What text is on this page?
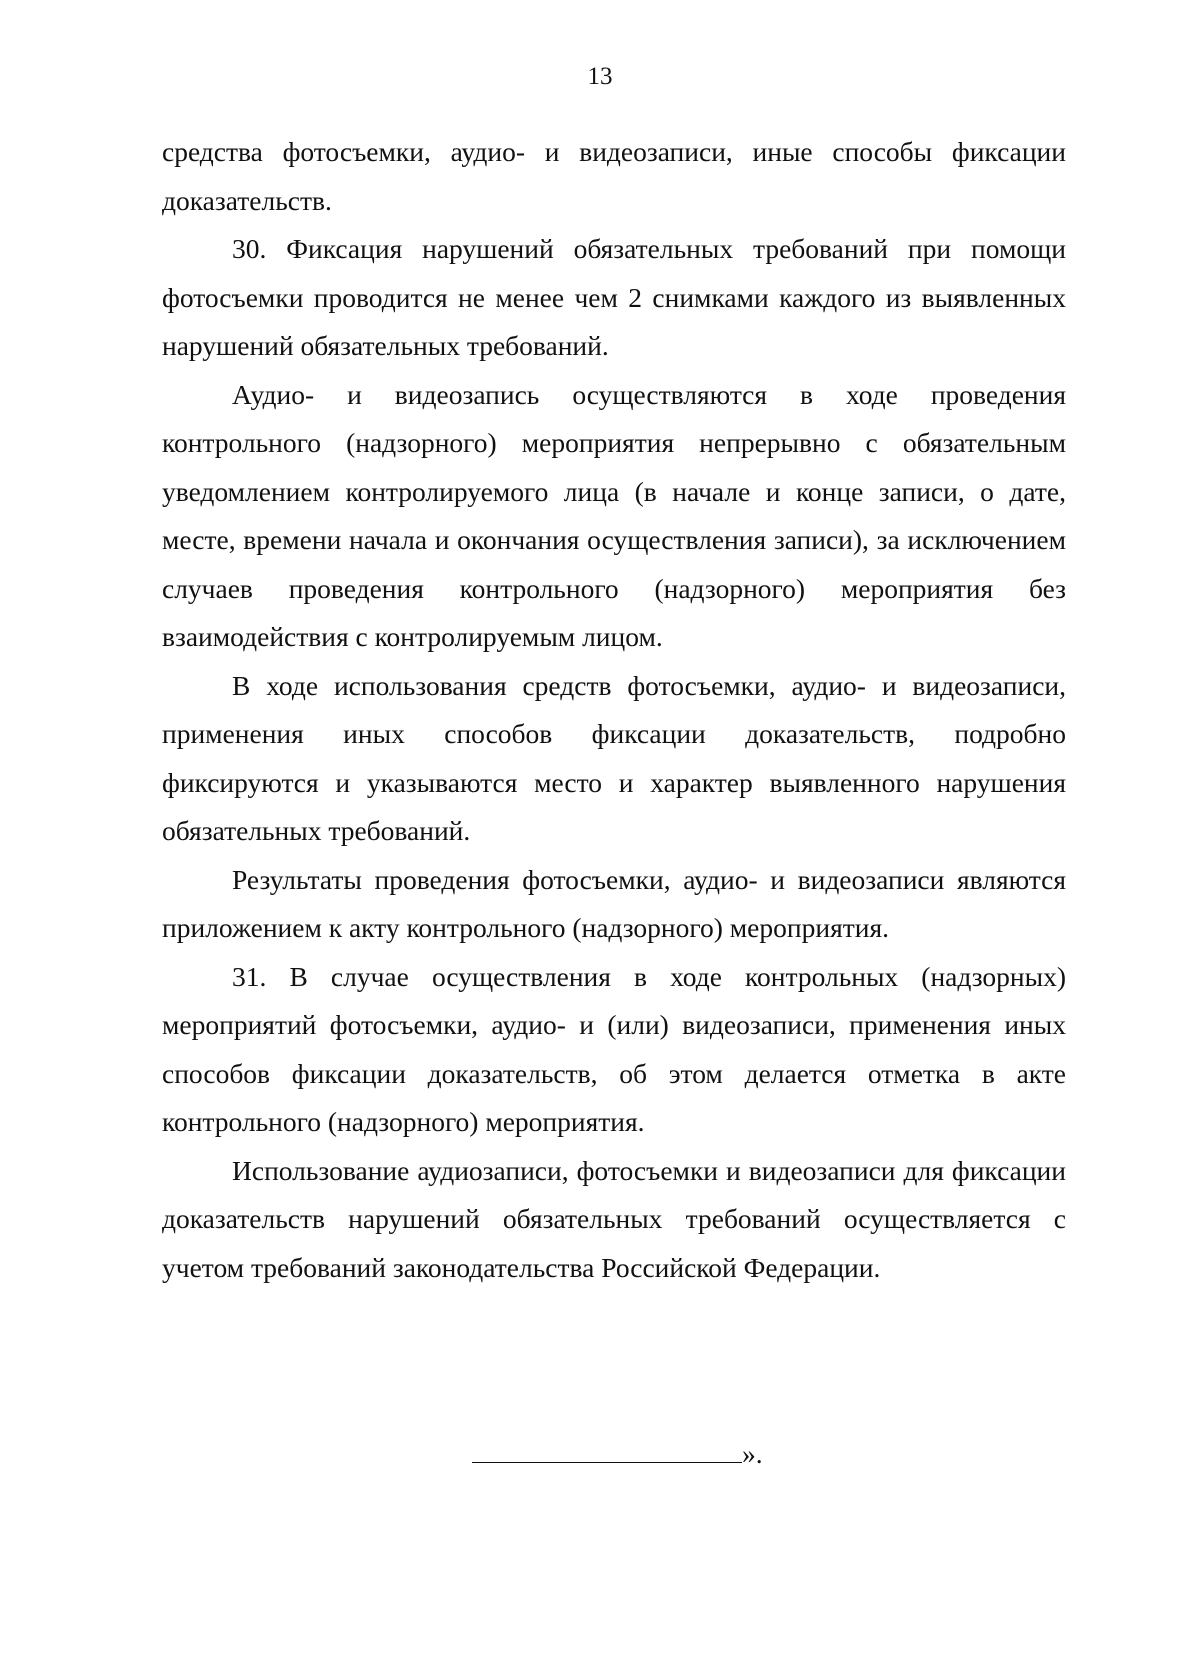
13

средства фотосъемки, аудио- и видеозаписи, иные способы фиксации доказательств.

30. Фиксация нарушений обязательных требований при помощи фотосъемки проводится не менее чем 2 снимками каждого из выявленных нарушений обязательных требований.

Аудио- и видеозапись осуществляются в ходе проведения контрольного (надзорного) мероприятия непрерывно с обязательным уведомлением контролируемого лица (в начале и конце записи, о дате, месте, времени начала и окончания осуществления записи), за исключением случаев проведения контрольного (надзорного) мероприятия без взаимодействия с контролируемым лицом.

В ходе использования средств фотосъемки, аудио- и видеозаписи, применения иных способов фиксации доказательств, подробно фиксируются и указываются место и характер выявленного нарушения обязательных требований.

Результаты проведения фотосъемки, аудио- и видеозаписи являются приложением к акту контрольного (надзорного) мероприятия.

31. В случае осуществления в ходе контрольных (надзорных) мероприятий фотосъемки, аудио- и (или) видеозаписи, применения иных способов фиксации доказательств, об этом делается отметка в акте контрольного (надзорного) мероприятия.

Использование аудиозаписи, фотосъемки и видеозаписи для фиксации доказательств нарушений обязательных требований осуществляется с учетом требований законодательства Российской Федерации.

».
